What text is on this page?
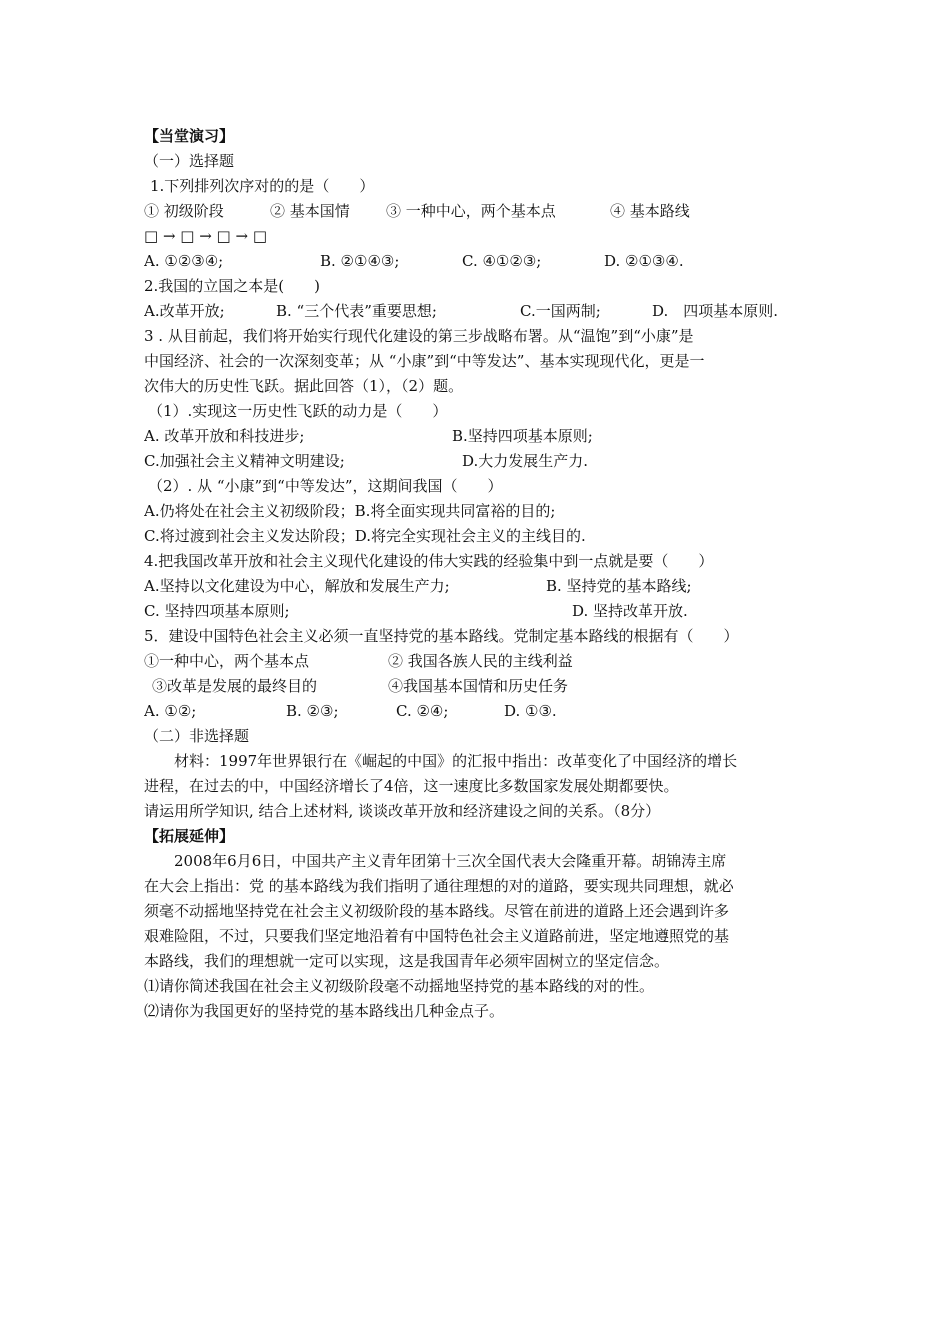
【当堂演习】
（一）选择题
1.下列排列次序对的的是（　　）
① 初级阶段	② 基本国情 ③ 一种中心，两个基本点	④ 基本路线
□ → □ → □ → □
A. ①②③④;	B. ②①④③;	C. ④①②③;	D. ②①③④.
2.我国的立国之本是(　　)
A.改革开放;	B. “三个代表”重要思想;	C.一国两制;	D.　四项基本原则.
3 . 从目前起，我们将开始实行现代化建设的第三步战略布署。从“温饱”到“小康”是
中国经济、社会的一次深刻变革；从 “小康”到“中等发达”、基本实现现代化，更是一
次伟大的历史性飞跃。据此回答（1），（2）题。
（1）.实现这一历史性飞跃的动力是（　　）
A. 改革开放和科技进步;	B.坚持四项基本原则;
C.加强社会主义精神文明建设;	D.大力发展生产力.
（2）. 从 “小康”到“中等发达”，这期间我国（　　）
A.仍将处在社会主义初级阶段；B.将全面实现共同富裕的目的;
C.将过渡到社会主义发达阶段；D.将完全实现社会主义的主线目的.
4.把我国改革开放和社会主义现代化建设的伟大实践的经验集中到一点就是要（　　）
A.坚持以文化建设为中心，解放和发展生产力;	B. 坚持党的基本路线;
C. 坚持四项基本原则;	D. 坚持改革开放.
5．建设中国特色社会主义必须一直坚持党的基本路线。党制定基本路线的根据有（　　）
①一种中心，两个基本点	② 我国各族人民的主线利益
③改革是发展的最终目的	④我国基本国情和历史任务
A. ①②;	B. ②③;	C. ②④;	D. ①③.
（二）非选择题
材料：1997年世界银行在《崛起的中国》的汇报中指出：改革变化了中国经济的增长
进程，在过去的中，中国经济增长了4倍，这一速度比多数国家发展处期都要快。
请运用所学知识, 结合上述材料, 谈谈改革开放和经济建设之间的关系。（8分）
【拓展延伸】
2008年6月6日，中国共产主义青年团第十三次全国代表大会隆重开幕。胡锦涛主席
在大会上指出：党 的基本路线为我们指明了通往理想的对的道路，要实现共同理想，就必
须毫不动摇地坚持党在社会主义初级阶段的基本路线。尽管在前进的道路上还会遇到许多
艰难险阻，不过，只要我们坚定地沿着有中国特色社会主义道路前进，坚定地遵照党的基
本路线，我们的理想就一定可以实现，这是我国青年必须牢固树立的坚定信念。
⑴请你简述我国在社会主义初级阶段毫不动摇地坚持党的基本路线的对的性。
⑵请你为我国更好的坚持党的基本路线出几种金点子。
